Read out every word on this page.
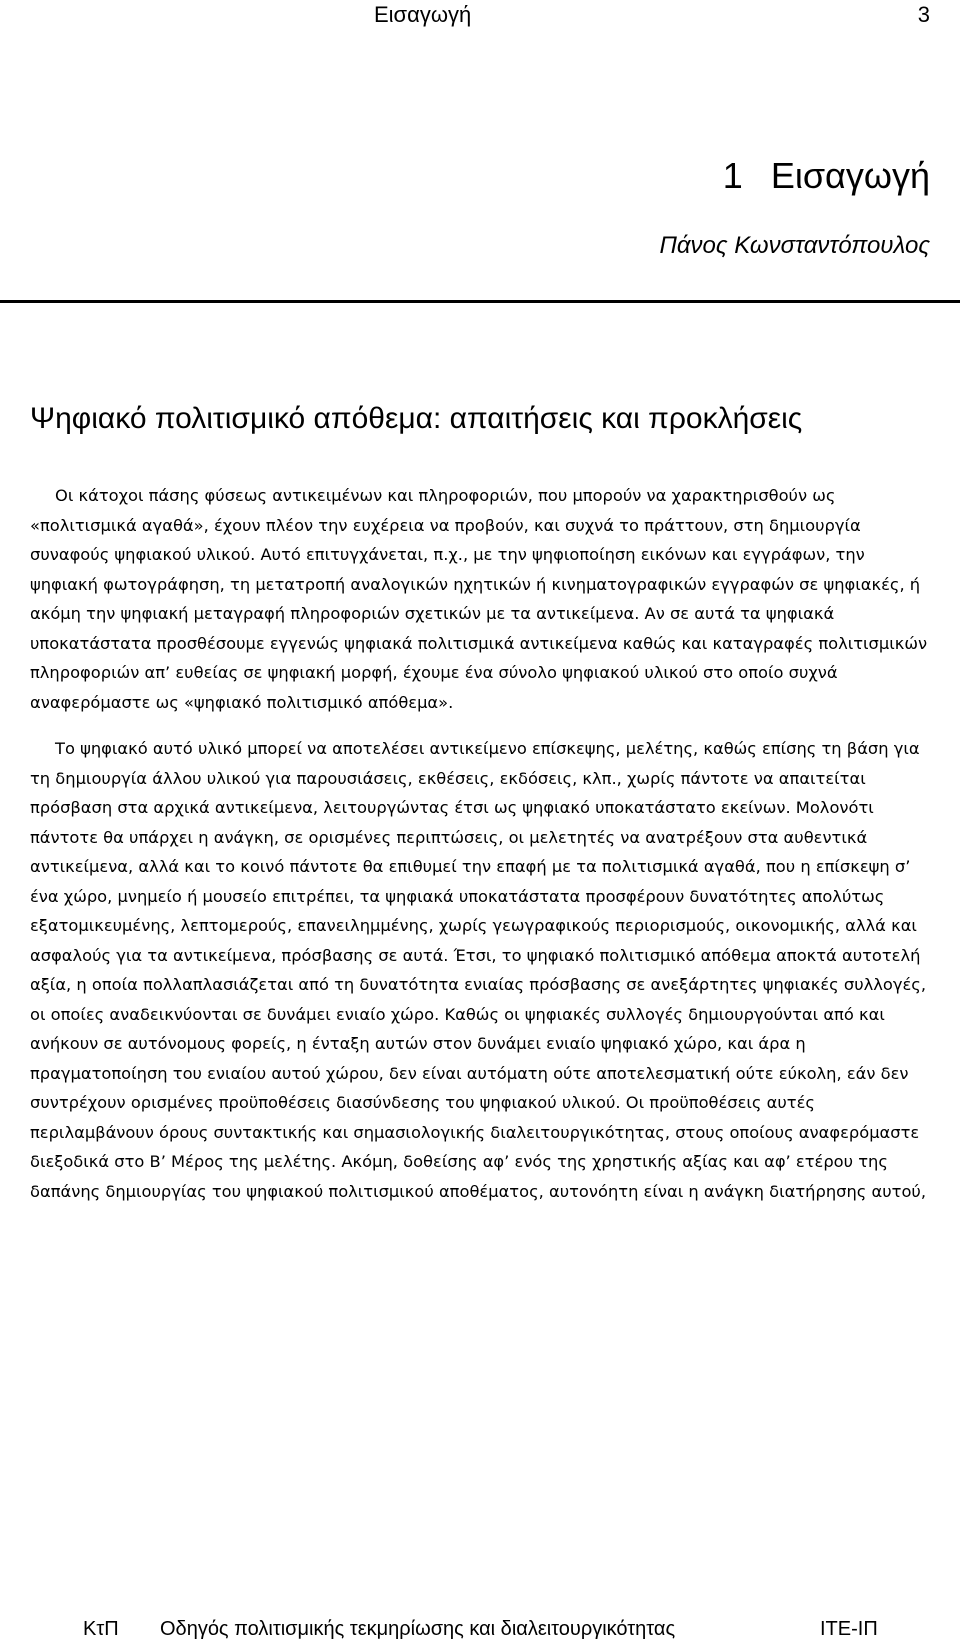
Εισαγωγή	3
1 Εισαγωγή
Πάνος Κωνσταντόπουλος
Ψηφιακό πολιτισμικό απόθεμα: απαιτήσεις και προκλήσεις

Οι κάτοχοι πάσης φύσεως αντικειμένων και πληροφοριών, που μπορούν να χαρακτηρισθούν ως «πολιτισμικά αγαθά», έχουν πλέον την ευχέρεια να προβούν, και συχνά το πράττουν, στη δημιουργία συναφούς ψηφιακού υλικού. Αυτό επιτυγχάνεται, π.χ., με την ψηφιοποίηση εικόνων και εγγράφων, την ψηφιακή φωτογράφηση, τη μετατροπή αναλογικών ηχητικών ή κινηματογραφικών εγγραφών σε ψηφιακές, ή ακόμη την ψηφιακή μεταγραφή πληροφοριών σχετικών με τα αντικείμενα. Αν σε αυτά τα ψηφιακά υποκατάστατα προσθέσουμε εγγενώς ψηφιακά πολιτισμικά αντικείμενα καθώς και καταγραφές πολιτισμικών πληροφοριών απ’ ευθείας σε ψηφιακή μορφή, έχουμε ένα σύνολο ψηφιακού υλικού στο οποίο συχνά αναφερόμαστε ως «ψηφιακό πολιτισμικό απόθεμα».

Το ψηφιακό αυτό υλικό μπορεί να αποτελέσει αντικείμενο επίσκεψης, μελέτης, καθώς επίσης τη βάση για τη δημιουργία άλλου υλικού για παρουσιάσεις, εκθέσεις, εκδόσεις, κλπ., χωρίς πάντοτε να απαιτείται πρόσβαση στα αρχικά αντικείμενα, λειτουργώντας έτσι ως ψηφιακό υποκατάστατο εκείνων. Μολονότι πάντοτε θα υπάρχει η ανάγκη, σε ορισμένες περιπτώσεις, οι μελετητές να ανατρέξουν στα αυθεντικά αντικείμενα, αλλά και το κοινό πάντοτε θα επιθυμεί την επαφή με τα πολιτισμικά αγαθά, που η επίσκεψη σ’ ένα χώρο, μνημείο ή μουσείο επιτρέπει, τα ψηφιακά υποκατάστατα προσφέρουν δυνατότητες απολύτως εξατομικευμένης, λεπτομερούς, επανειλημμένης, χωρίς γεωγραφικούς περιορισμούς, οικονομικής, αλλά και ασφαλούς για τα αντικείμενα, πρόσβασης σε αυτά. Έτσι, το ψηφιακό πολιτισμικό απόθεμα αποκτά αυτοτελή αξία, η οποία πολλαπλασιάζεται από τη δυνατότητα ενιαίας πρόσβασης σε ανεξάρτητες ψηφιακές συλλογές, οι οποίες αναδεικνύονται σε δυνάμει ενιαίο χώρο. Καθώς οι ψηφιακές συλλογές δημιουργούνται από και ανήκουν σε αυτόνομους φορείς, η ένταξη αυτών στον δυνάμει ενιαίο ψηφιακό χώρο, και άρα η πραγματοποίηση του ενιαίου αυτού χώρου, δεν είναι αυτόματη ούτε αποτελεσματική ούτε εύκολη, εάν δεν συντρέχουν ορισμένες προϋποθέσεις διασύνδεσης του ψηφιακού υλικού. Οι προϋποθέσεις αυτές περιλαμβάνουν όρους συντακτικής και σημασιολογικής διαλειτουργικότητας, στους οποίους αναφερόμαστε διεξοδικά στο Β’ Μέρος της μελέτης. Ακόμη, δοθείσης αφ’ ενός της χρηστικής αξίας και αφ’ ετέρου της δαπάνης δημιουργίας του ψηφιακού πολιτισμικού αποθέματος, αυτονόητη είναι η ανάγκη διατήρησης αυτού,

ΚτΠ Οδηγός πολιτισμικής τεκμηρίωσης και διαλειτουργικότητας	ΙΤΕ-ΙΠ
